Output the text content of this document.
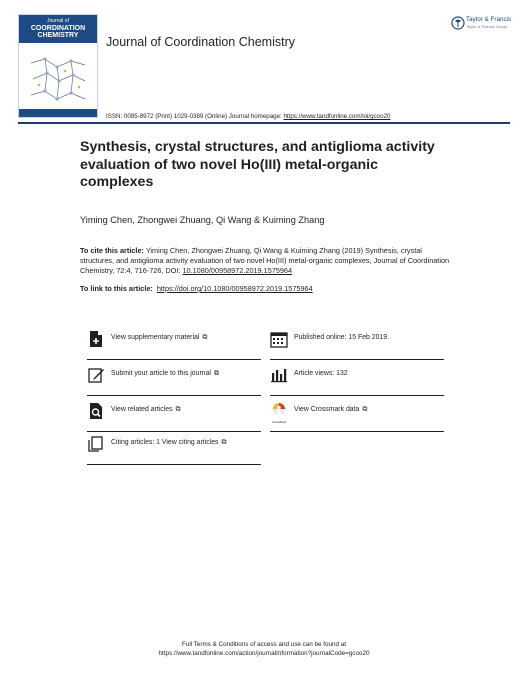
Journal of
COORDINATION
CHEMISTRY	Journal of Coordination Chemistry
Taylor & Francis
Taylor & Francis Group
ISSN: 0095-8972 (Print) 1029-0389 (Online) Journal homepage: https://www.tandfonline.com/loi/gcoo20
Synthesis, crystal structures, and antiglioma activity evaluation of two novel Ho(III) metal-organic complexes
Yiming Chen, Zhongwei Zhuang, Qi Wang & Kuiming Zhang
To cite this article: Yiming Chen, Zhongwei Zhuang, Qi Wang & Kuiming Zhang (2019) Synthesis, crystal structures, and antiglioma activity evaluation of two novel Ho(III) metal-organic complexes, Journal of Coordination Chemistry, 72:4, 716-726, DOI: 10.1080/00958972.2019.1575964
To link to this article: https://doi.org/10.1080/00958972.2019.1575964
View supplementary material ⧉
Submit your article to this journal ⧉
View related articles ⧉
Citing articles: 1 View citing articles ⧉
Published online: 15 Feb 2019.
Article views: 132
CrossMark
View Crossmark data ⧉
Full Terms & Conditions of access and use can be found at
https://www.tandfonline.com/action/journalInformation?journalCode=gcoo20
